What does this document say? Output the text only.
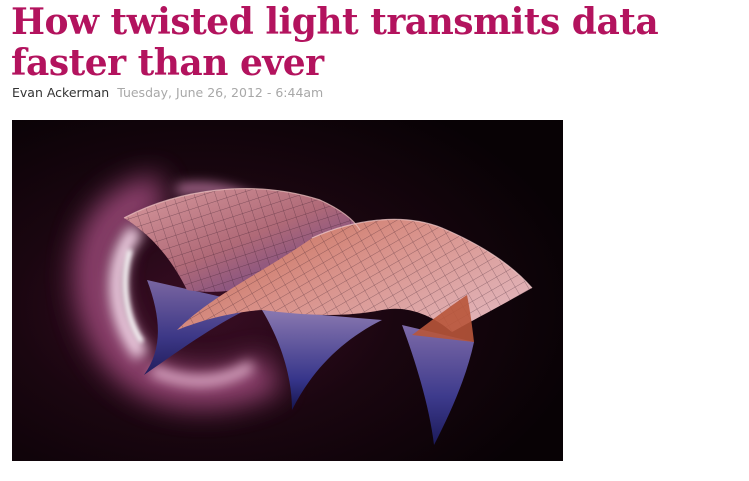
How twisted light transmits data faster than ever
Evan Ackerman Tuesday, June 26, 2012 - 6:44am
